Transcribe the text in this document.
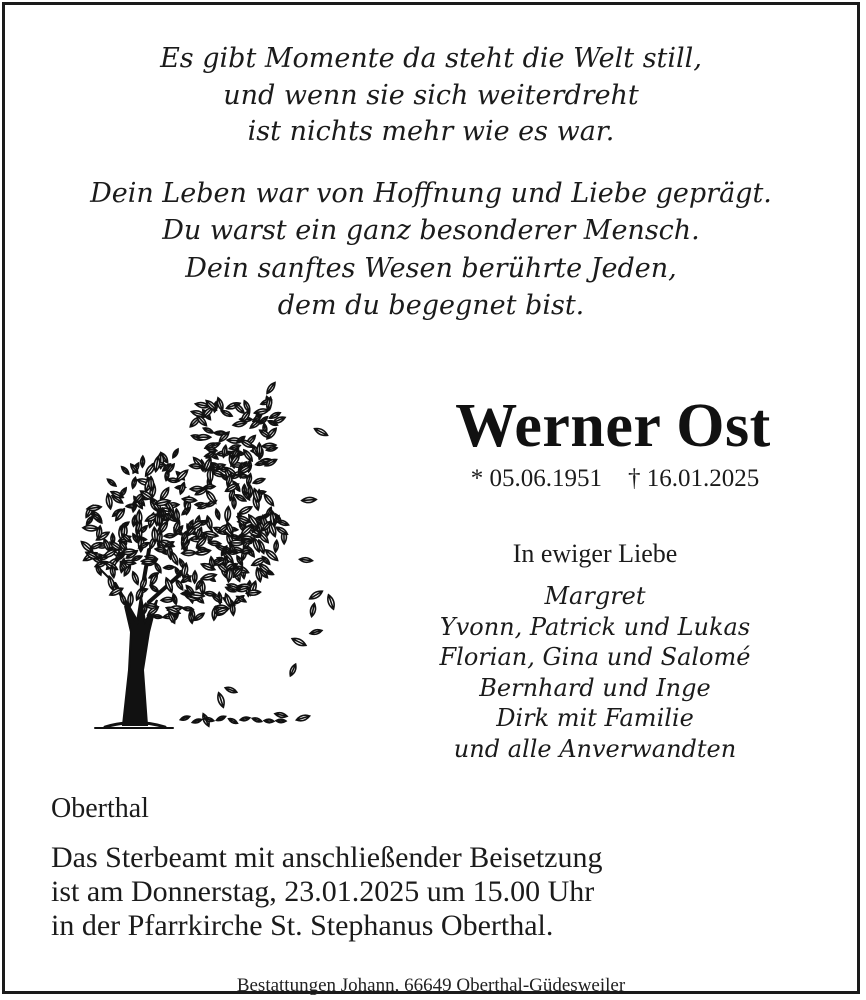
Es gibt Momente da steht die Welt still,
und wenn sie sich weiterdreht
ist nichts mehr wie es war.
Dein Leben war von Hoffnung und Liebe geprägt.
Du warst ein ganz besonderer Mensch.
Dein sanftes Wesen berührte Jeden,
dem du begegnet bist.
Werner Ost
* 05.06.1951 † 16.01.2025
In ewiger Liebe
Margret
Yvonn, Patrick und Lukas
Florian, Gina und Salomé
Bernhard und Inge
Dirk mit Familie
und alle Anverwandten
Oberthal
Das Sterbeamt mit anschließender Beisetzung
ist am Donnerstag, 23.01.2025 um 15.00 Uhr
in der Pfarrkirche St. Stephanus Oberthal.
Bestattungen Johann, 66649 Oberthal-Güdesweiler
